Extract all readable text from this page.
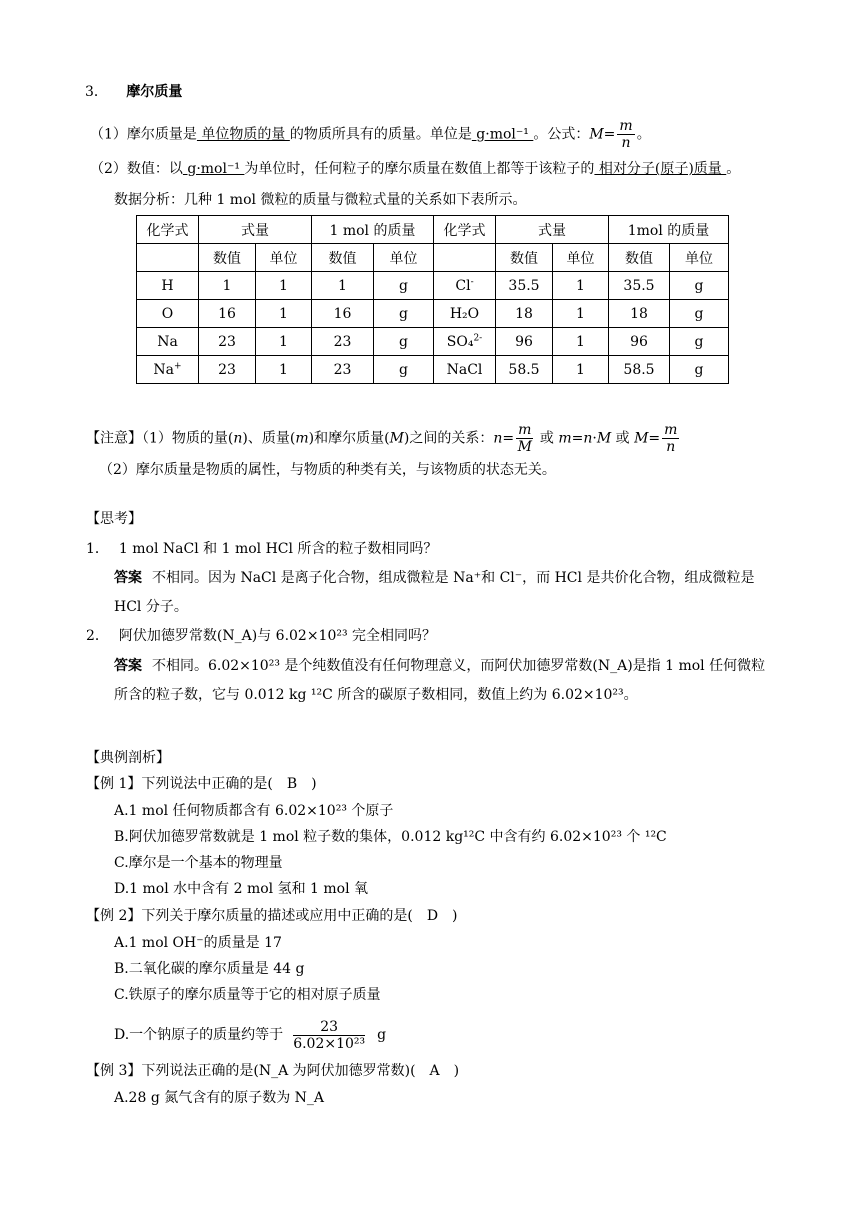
3． 摩尔质量
（1）摩尔质量是 单位物质的量 的物质所具有的质量。单位是 g·mol⁻¹ 。公式：$M= \frac{m}{n}$ 。
（2）数值：以 g·mol⁻¹ 为单位时，任何粒子的摩尔质量在数值上都等于该粒子的 相对分子(原子)质量 。
数据分析：几种 1 mol 微粒的质量与微粒式量的关系如下表所示。
化学式	式量		1 mol 的质量		化学式	式量		1mol 的质量	
	数值	单位	数值	单位		数值	单位	数值	单位
H	1	1	1	g	Cl-	35.5	1	35.5	g
O	16	1	16	g	H₂O	18	1	18	g
Na	23	1	23	g	SO₄$^{2-}$	96	1	96	g
Na+	23	1	23	g	NaCl	58.5	1	58.5	g
【注意】（1）物质的量(n)、质量(m)和摩尔质量(M)之间的关系：$n= \frac{m}{M}$ 或 m=n·M 或 $M= \frac{m}{n}$
（2）摩尔质量是物质的属性，与物质的种类有关，与该物质的状态无关。
【思考】
1． 1 mol NaCl 和 1 mol HCl 所含的粒子数相同吗？
答案 不相同。因为 NaCl 是离子化合物，组成微粒是 Na⁺和 Cl⁻，而 HCl 是共价化合物，组成微粒是
HCl 分子。
2． 阿伏加德罗常数(N_A)与 6.02×10²³ 完全相同吗？
答案 不相同。6.02×10²³ 是个纯数值没有任何物理意义，而阿伏加德罗常数(N_A)是指 1 mol 任何微粒
所含的粒子数，它与 0.012 kg ¹²C 所含的碳原子数相同，数值上约为 6.02×10²³。
【典例剖析】
【例 1】下列说法中正确的是(　B　)
A.1 mol 任何物质都含有 6.02×10²³ 个原子
B.阿伏加德罗常数就是 1 mol 粒子数的集体，0.012 kg¹²C 中含有约 6.02×10²³ 个 ¹²C
C.摩尔是一个基本的物理量
D.1 mol 水中含有 2 mol 氢和 1 mol 氧
【例 2】下列关于摩尔质量的描述或应用中正确的是(　D　)
A.1 mol OH⁻的质量是 17
B.二氧化碳的摩尔质量是 44 g
C.铁原子的摩尔质量等于它的相对原子质量
D.一个钠原子的质量约等于 $\frac{23}{\text{6.02×10²³}}$ g
【例 3】下列说法正确的是(N_A 为阿伏加德罗常数)(　A　)
A.28 g 氮气含有的原子数为 N_A
